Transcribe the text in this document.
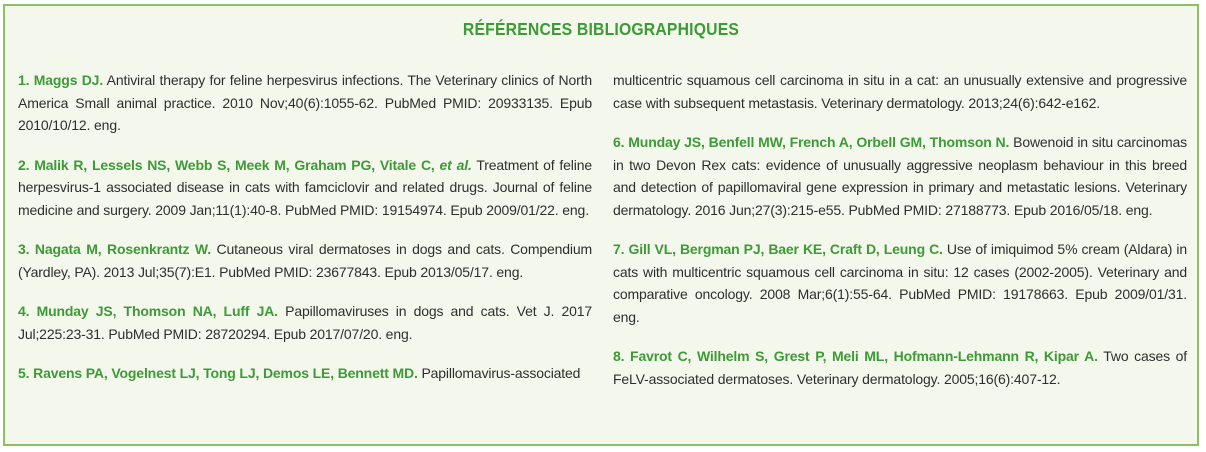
RÉFÉRENCES BIBLIOGRAPHIQUES

1. Maggs DJ. Antiviral therapy for feline herpesvirus infections. The Veterinary clinics of North America Small animal practice. 2010 Nov;40(6):1055-62. PubMed PMID: 20933135. Epub 2010/10/12. eng.

2. Malik R, Lessels NS, Webb S, Meek M, Graham PG, Vitale C, et al. Treatment of feline herpesvirus-1 associated disease in cats with famciclovir and related drugs. Journal of feline medicine and surgery. 2009 Jan;11(1):40-8. PubMed PMID: 19154974. Epub 2009/01/22. eng.

3. Nagata M, Rosenkrantz W. Cutaneous viral dermatoses in dogs and cats. Compendium (Yardley, PA). 2013 Jul;35(7):E1. PubMed PMID: 23677843. Epub 2013/05/17. eng.

4. Munday JS, Thomson NA, Luff JA. Papillomaviruses in dogs and cats. Vet J. 2017 Jul;225:23-31. PubMed PMID: 28720294. Epub 2017/07/20. eng.

5. Ravens PA, Vogelnest LJ, Tong LJ, Demos LE, Bennett MD. Papillomavirus-associated

multicentric squamous cell carcinoma in situ in a cat: an unusually extensive and progressive case with subsequent metastasis. Veterinary dermatology. 2013;24(6):642-e162.

6. Munday JS, Benfell MW, French A, Orbell GM, Thomson N. Bowenoid in situ carcinomas in two Devon Rex cats: evidence of unusually aggressive neoplasm behaviour in this breed and detection of papillomaviral gene expression in primary and metastatic lesions. Veterinary dermatology. 2016 Jun;27(3):215-e55. PubMed PMID: 27188773. Epub 2016/05/18. eng.

7. Gill VL, Bergman PJ, Baer KE, Craft D, Leung C. Use of imiquimod 5% cream (Aldara) in cats with multicentric squamous cell carcinoma in situ: 12 cases (2002-2005). Veterinary and comparative oncology. 2008 Mar;6(1):55-64. PubMed PMID: 19178663. Epub 2009/01/31. eng.

8. Favrot C, Wilhelm S, Grest P, Meli ML, Hofmann-Lehmann R, Kipar A. Two cases of FeLV-associated dermatoses. Veterinary dermatology. 2005;16(6):407-12.
